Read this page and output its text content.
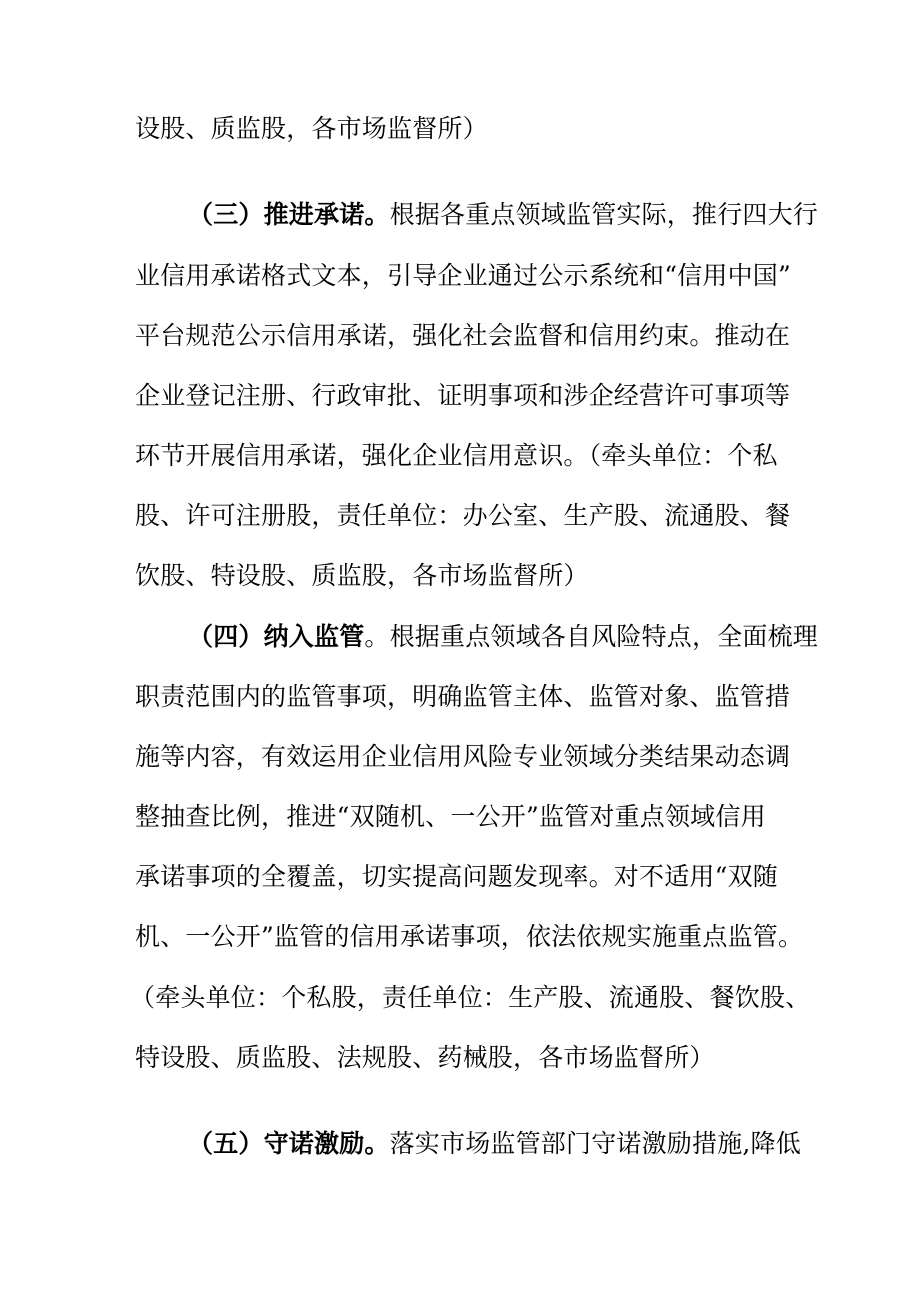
设股、质监股，各市场监督所）

（三）推进承诺。根据各重点领域监管实际，推行四大行

业信用承诺格式文本，引导企业通过公示系统和“信用中国”

平台规范公示信用承诺，强化社会监督和信用约束。推动在

企业登记注册、行政审批、证明事项和涉企经营许可事项等

环节开展信用承诺，强化企业信用意识。（牵头单位：个私

股、许可注册股，责任单位：办公室、生产股、流通股、餐

饮股、特设股、质监股，各市场监督所）

（四）纳入监管。根据重点领域各自风险特点，全面梳理

职责范围内的监管事项，明确监管主体、监管对象、监管措

施等内容，有效运用企业信用风险专业领域分类结果动态调

整抽查比例，推进“双随机、一公开”监管对重点领域信用

承诺事项的全覆盖，切实提高问题发现率。对不适用“双随

机、一公开”监管的信用承诺事项，依法依规实施重点监管。

（牵头单位：个私股，责任单位：生产股、流通股、餐饮股、

特设股、质监股、法规股、药械股，各市场监督所）

（五）守诺激励。落实市场监管部门守诺激励措施,降低
